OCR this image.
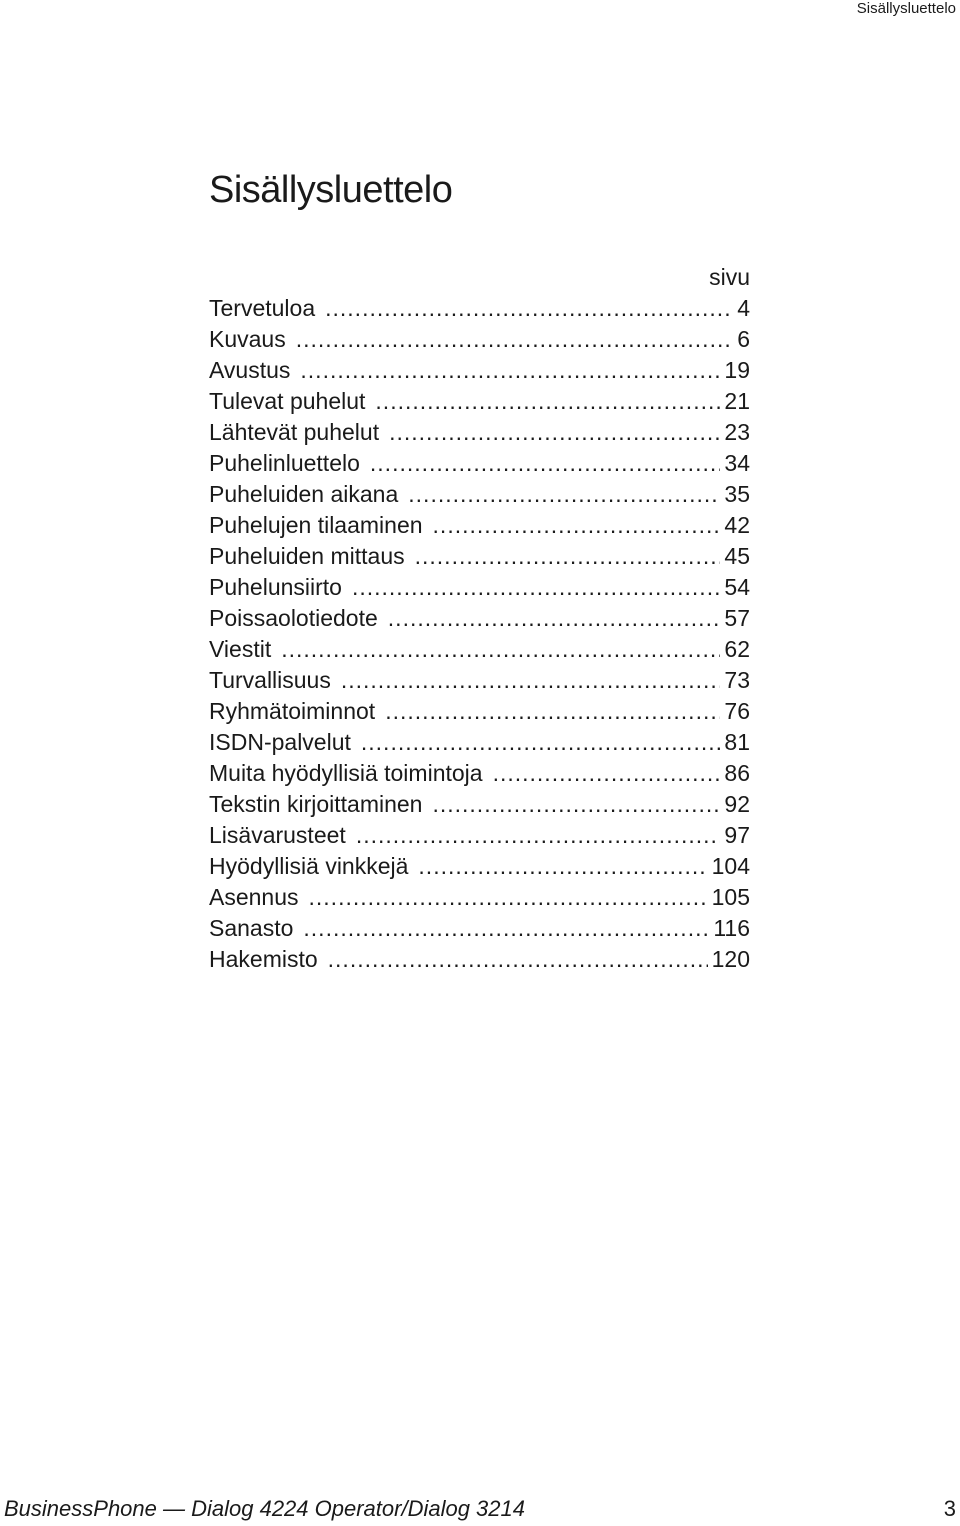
Sisällysluettelo
Sisällysluettelo
sivu
Tervetuloa .....	4
Kuvaus .....	6
Avustus .....	19
Tulevat puhelut .....	21
Lähtevät puhelut .....	23
Puhelinluettelo .....	34
Puheluiden aikana .....	35
Puhelujen tilaaminen .....	42
Puheluiden mittaus .....	45
Puhelunsiirto .....	54
Poissaolotiedote .....	57
Viestit .....	62
Turvallisuus .....	73
Ryhmätoiminnot .....	76
ISDN-palvelut .....	81
Muita hyödyllisiä toimintoja .....	86
Tekstin kirjoittaminen .....	92
Lisävarusteet .....	97
Hyödyllisiä vinkkejä .....	104
Asennus .....	105
Sanasto .....	116
Hakemisto .....	120
BusinessPhone — Dialog 4224 Operator/Dialog 3214	3
